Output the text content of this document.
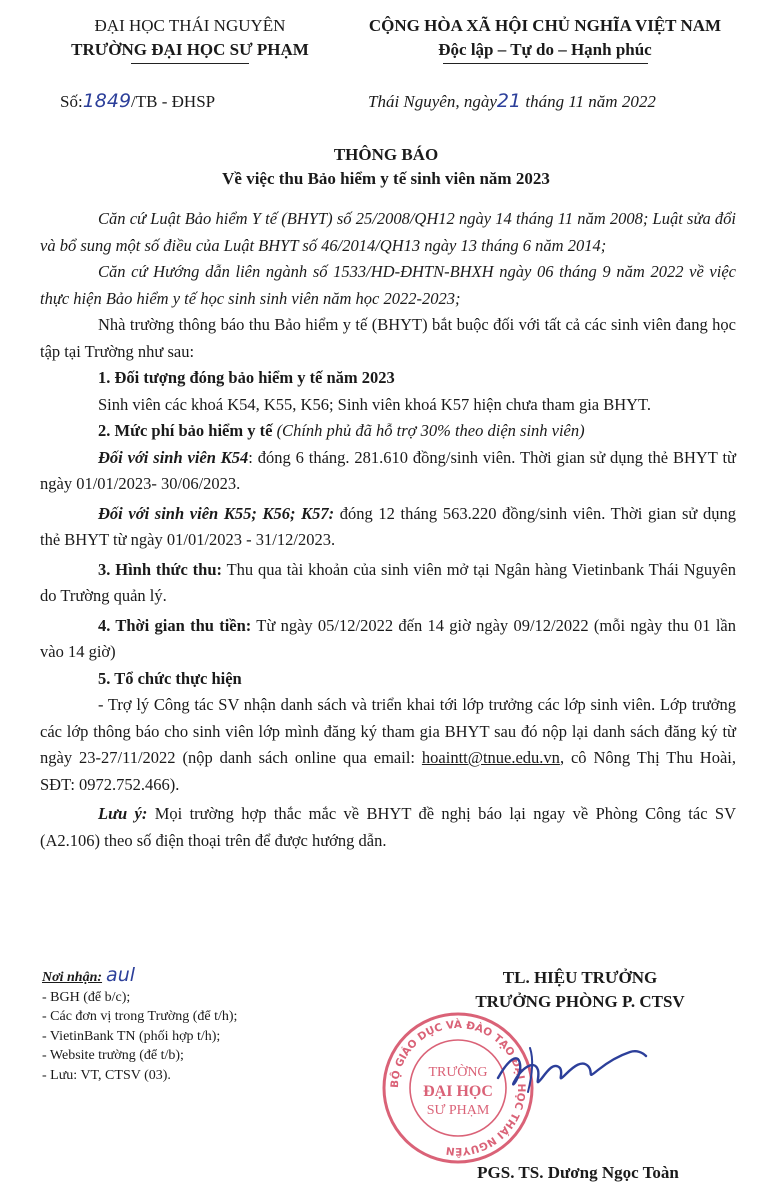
ĐẠI HỌC THÁI NGUYÊN
TRƯỜNG ĐẠI HỌC SƯ PHẠM
CỘNG HÒA XÃ HỘI CHỦ NGHĨA VIỆT NAM
Độc lập – Tự do – Hạnh phúc
Số:1849/TB - ĐHSP	Thái Nguyên, ngày21 tháng 11 năm 2022
THÔNG BÁO
Về việc thu Bảo hiểm y tế sinh viên năm 2023

Căn cứ Luật Bảo hiểm Y tế (BHYT) số 25/2008/QH12 ngày 14 tháng 11 năm 2008; Luật sửa đổi và bổ sung một số điều của Luật BHYT số 46/2014/QH13 ngày 13 tháng 6 năm 2014;

Căn cứ Hướng dẫn liên ngành số 1533/HD-ĐHTN-BHXH ngày 06 tháng 9 năm 2022 về việc thực hiện Bảo hiểm y tế học sinh sinh viên năm học 2022-2023;

Nhà trường thông báo thu Bảo hiểm y tế (BHYT) bắt buộc đối với tất cả các sinh viên đang học tập tại Trường như sau:

1. Đối tượng đóng bảo hiểm y tế năm 2023

Sinh viên các khoá K54, K55, K56; Sinh viên khoá K57 hiện chưa tham gia BHYT.

2. Mức phí bảo hiểm y tế (Chính phủ đã hỗ trợ 30% theo diện sinh viên)

Đối với sinh viên K54: đóng 6 tháng. 281.610 đồng/sinh viên. Thời gian sử dụng thẻ BHYT từ ngày 01/01/2023- 30/06/2023.

Đối với sinh viên K55; K56; K57: đóng 12 tháng 563.220 đồng/sinh viên. Thời gian sử dụng thẻ BHYT từ ngày 01/01/2023 - 31/12/2023.

3. Hình thức thu: Thu qua tài khoản của sinh viên mở tại Ngân hàng Vietinbank Thái Nguyên do Trường quản lý.

4. Thời gian thu tiền: Từ ngày 05/12/2022 đến 14 giờ ngày 09/12/2022 (mỗi ngày thu 01 lần vào 14 giờ)

5. Tổ chức thực hiện

- Trợ lý Công tác SV nhận danh sách và triển khai tới lớp trưởng các lớp sinh viên. Lớp trưởng các lớp thông báo cho sinh viên lớp mình đăng ký tham gia BHYT sau đó nộp lại danh sách đăng ký từ ngày 23-27/11/2022 (nộp danh sách online qua email: hoaintt@tnue.edu.vn, cô Nông Thị Thu Hoài, SĐT: 0972.752.466).

Lưu ý: Mọi trường hợp thắc mắc về BHYT đề nghị báo lại ngay về Phòng Công tác SV (A2.106) theo số điện thoại trên để được hướng dẫn.

Nơi nhận: aul
- BGH (để b/c);
- Các đơn vị trong Trường (để t/h);
- VietinBank TN (phối hợp t/h);
- Website trường (để t/b);
- Lưu: VT, CTSV (03).
TL. HIỆU TRƯỞNG
TRƯỞNG PHÒNG P. CTSV
BỘ GIÁO DỤC VÀ ĐÀO TẠO ĐẠI HỌC THÁI NGUYÊN
TRƯỜNG
ĐẠI HỌC
SƯ PHẠM
PGS. TS. Dương Ngọc Toàn
